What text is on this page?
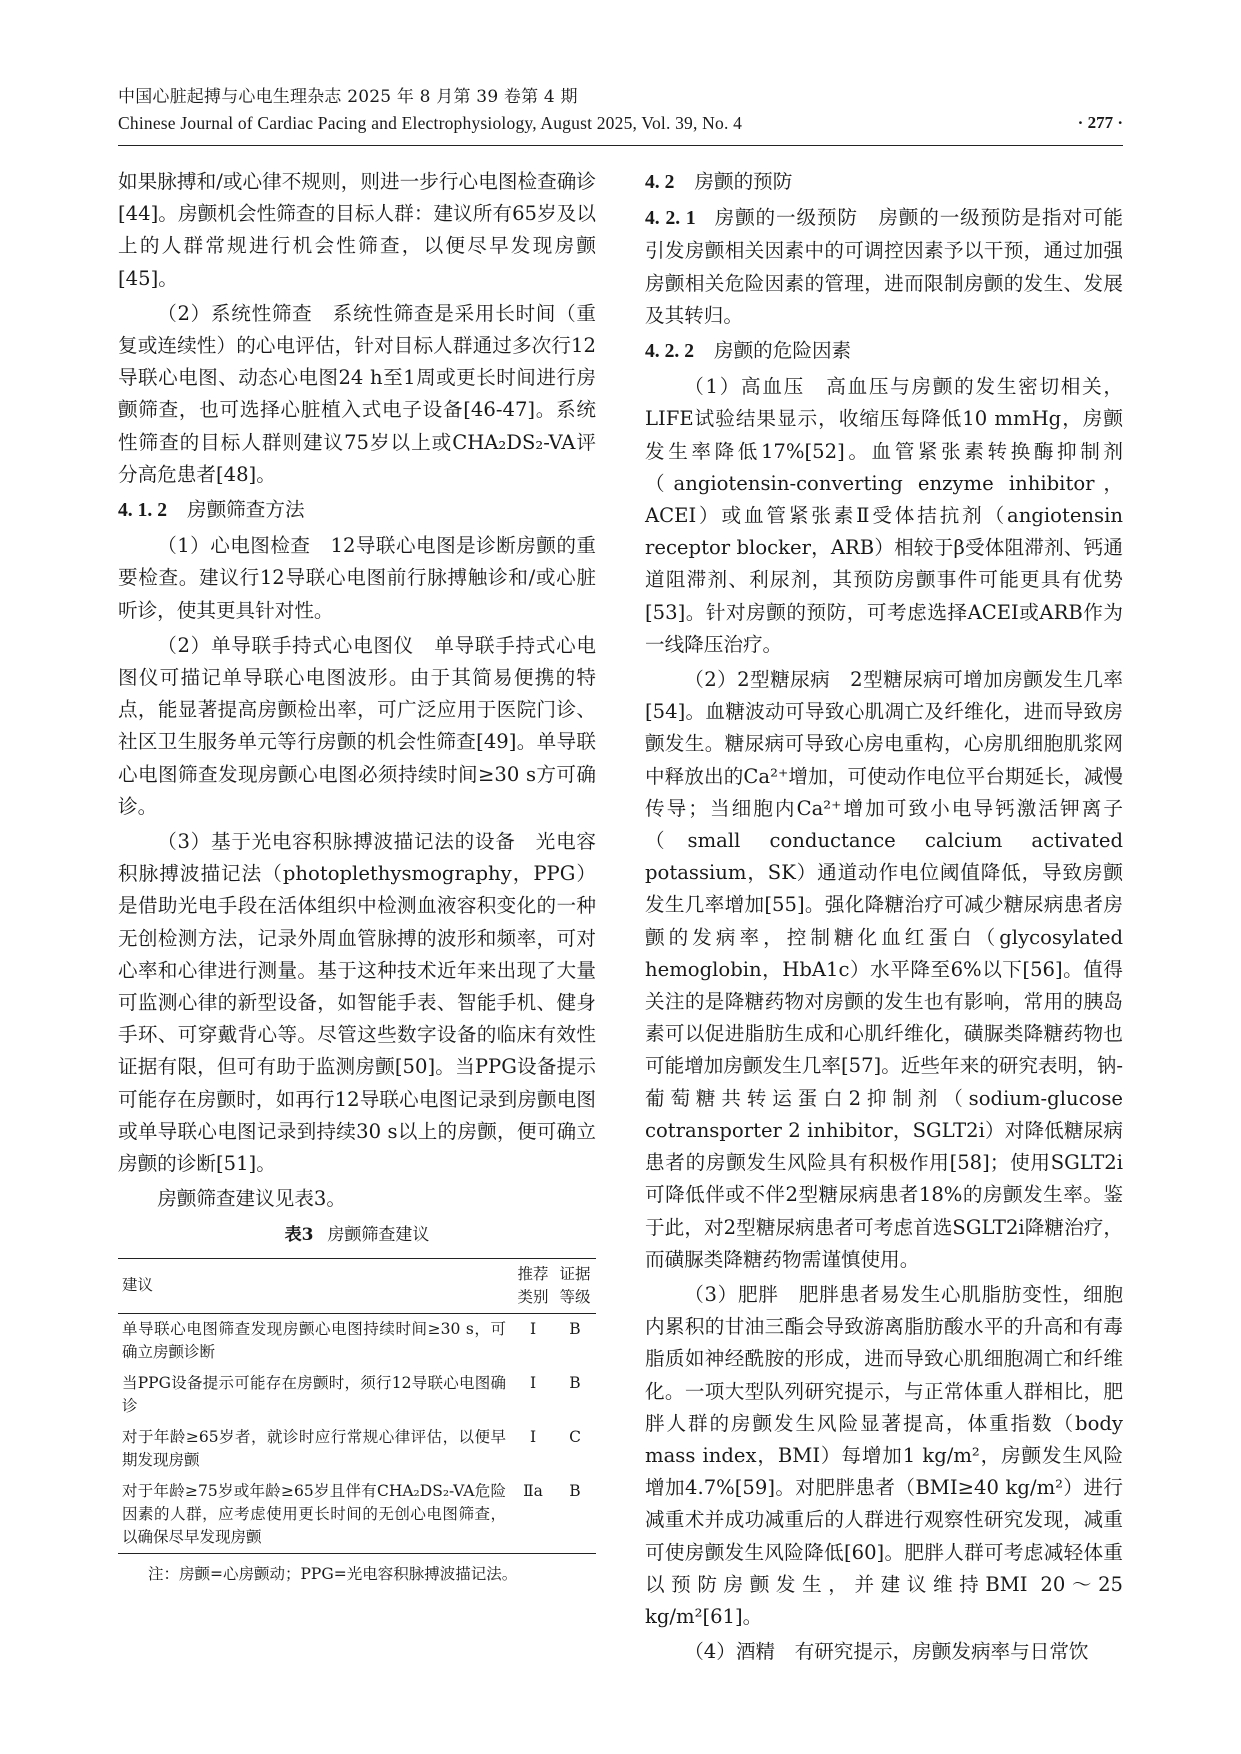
中国心脏起搏与心电生理杂志 2025 年 8 月第 39 卷第 4 期
Chinese Journal of Cardiac Pacing and Electrophysiology, August 2025, Vol. 39, No. 4	· 277 ·

如果脉搏和/或心律不规则，则进一步行心电图检查确诊[44]。房颤机会性筛查的目标人群：建议所有65岁及以上的人群常规进行机会性筛查，以便尽早发现房颤[45]。

（2）系统性筛查　系统性筛查是采用长时间（重复或连续性）的心电评估，针对目标人群通过多次行12导联心电图、动态心电图24 h至1周或更长时间进行房颤筛查，也可选择心脏植入式电子设备[46-47]。系统性筛查的目标人群则建议75岁以上或CHA₂DS₂-VA评分高危患者[48]。

4. 1. 2 房颤筛查方法

（1）心电图检查　12导联心电图是诊断房颤的重要检查。建议行12导联心电图前行脉搏触诊和/或心脏听诊，使其更具针对性。

（2）单导联手持式心电图仪　单导联手持式心电图仪可描记单导联心电图波形。由于其简易便携的特点，能显著提高房颤检出率，可广泛应用于医院门诊、社区卫生服务单元等行房颤的机会性筛查[49]。单导联心电图筛查发现房颤心电图必须持续时间≥30 s方可确诊。

（3）基于光电容积脉搏波描记法的设备　光电容积脉搏波描记法（photoplethysmography，PPG）是借助光电手段在活体组织中检测血液容积变化的一种无创检测方法，记录外周血管脉搏的波形和频率，可对心率和心律进行测量。基于这种技术近年来出现了大量可监测心律的新型设备，如智能手表、智能手机、健身手环、可穿戴背心等。尽管这些数字设备的临床有效性证据有限，但可有助于监测房颤[50]。当PPG设备提示可能存在房颤时，如再行12导联心电图记录到房颤电图或单导联心电图记录到持续30 s以上的房颤，便可确立房颤的诊断[51]。

房颤筛查建议见表3。

表3 房颤筛查建议
建议	推荐类别	证据等级
单导联心电图筛查发现房颤心电图持续时间≥30 s，可确立房颤诊断	Ⅰ	B
当PPG设备提示可能存在房颤时，须行12导联心电图确诊	Ⅰ	B
对于年龄≥65岁者，就诊时应行常规心律评估，以便早期发现房颤	Ⅰ	C
对于年龄≥75岁或年龄≥65岁且伴有CHA₂DS₂-VA危险因素的人群，应考虑使用更长时间的无创心电图筛查，以确保尽早发现房颤	Ⅱa	B
注：房颤=心房颤动；PPG=光电容积脉搏波描记法。
4. 2 房颤的预防

4. 2. 1 房颤的一级预防　房颤的一级预防是指对可能引发房颤相关因素中的可调控因素予以干预，通过加强房颤相关危险因素的管理，进而限制房颤的发生、发展及其转归。

4. 2. 2 房颤的危险因素

（1）高血压　高血压与房颤的发生密切相关，LIFE试验结果显示，收缩压每降低10 mmHg，房颤发生率降低17%[52]。血管紧张素转换酶抑制剂（angiotensin-converting enzyme inhibitor，ACEI）或血管紧张素Ⅱ受体拮抗剂（angiotensin receptor blocker，ARB）相较于β受体阻滞剂、钙通道阻滞剂、利尿剂，其预防房颤事件可能更具有优势[53]。针对房颤的预防，可考虑选择ACEI或ARB作为一线降压治疗。

（2）2型糖尿病　2型糖尿病可增加房颤发生几率[54]。血糖波动可导致心肌凋亡及纤维化，进而导致房颤发生。糖尿病可导致心房电重构，心房肌细胞肌浆网中释放出的Ca²⁺增加，可使动作电位平台期延长，减慢传导；当细胞内Ca²⁺增加可致小电导钙激活钾离子（small conductance calcium activated potassium，SK）通道动作电位阈值降低，导致房颤发生几率增加[55]。强化降糖治疗可减少糖尿病患者房颤的发病率，控制糖化血红蛋白（glycosylated hemoglobin，HbA1c）水平降至6%以下[56]。值得关注的是降糖药物对房颤的发生也有影响，常用的胰岛素可以促进脂肪生成和心肌纤维化，磺脲类降糖药物也可能增加房颤发生几率[57]。近些年来的研究表明，钠-葡萄糖共转运蛋白2抑制剂（sodium-glucose cotransporter 2 inhibitor，SGLT2i）对降低糖尿病患者的房颤发生风险具有积极作用[58]；使用SGLT2i可降低伴或不伴2型糖尿病患者18%的房颤发生率。鉴于此，对2型糖尿病患者可考虑首选SGLT2i降糖治疗，而磺脲类降糖药物需谨慎使用。

（3）肥胖　肥胖患者易发生心肌脂肪变性，细胞内累积的甘油三酯会导致游离脂肪酸水平的升高和有毒脂质如神经酰胺的形成，进而导致心肌细胞凋亡和纤维化。一项大型队列研究提示，与正常体重人群相比，肥胖人群的房颤发生风险显著提高，体重指数（body mass index，BMI）每增加1 kg/m²，房颤发生风险增加4.7%[59]。对肥胖患者（BMI≥40 kg/m²）进行减重术并成功减重后的人群进行观察性研究发现，减重可使房颤发生风险降低[60]。肥胖人群可考虑减轻体重以预防房颤发生，并建议维持BMI 20～25 kg/m²[61]。

（4）酒精　有研究提示，房颤发病率与日常饮
